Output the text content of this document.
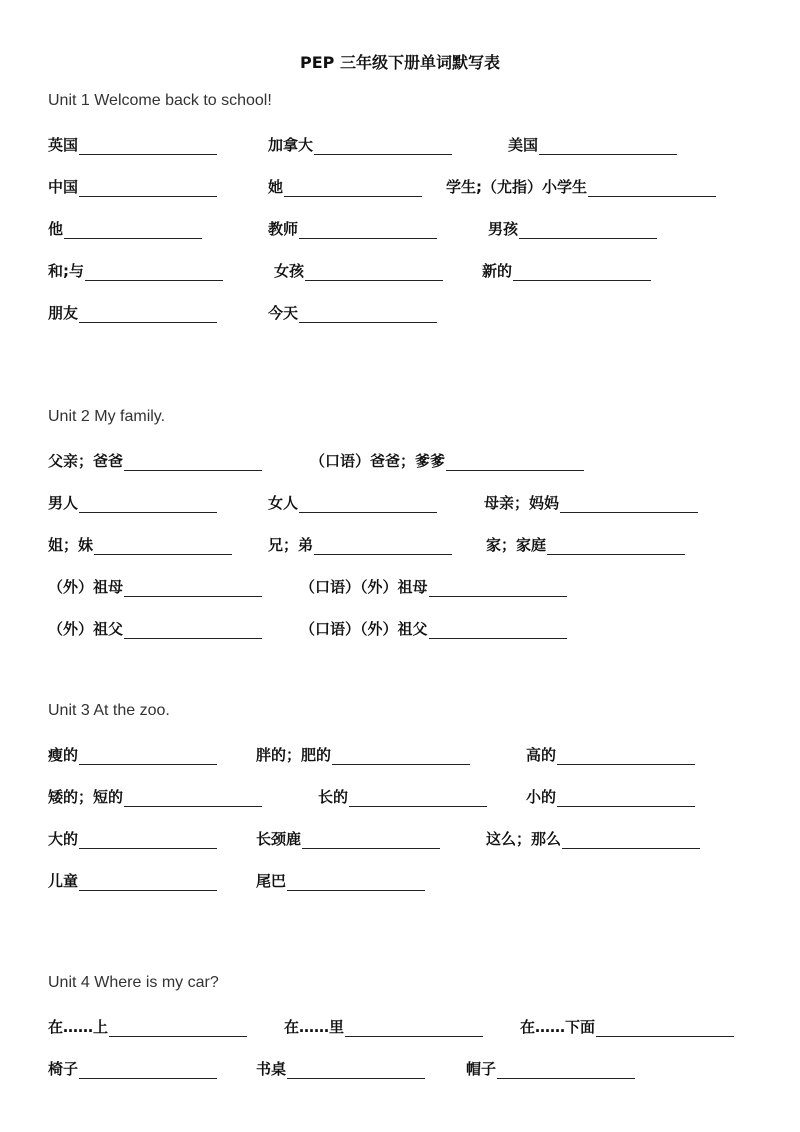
PEP 三年级下册单词默写表
Unit 1 Welcome back to school!
英国	加拿大	美国
中国	她	学生;（尤指）小学生
他	教师	男孩
和;与	女孩	新的
朋友	今天
Unit 2 My family.
父亲；爸爸	（口语）爸爸；爹爹
男人	女人	母亲；妈妈
姐；妹	兄；弟	家；家庭
（外）祖母	（口语）（外）祖母
（外）祖父	（口语）（外）祖父
Unit 3 At the zoo.
瘦的	胖的；肥的	高的
矮的；短的	长的	小的
大的	长颈鹿	这么；那么
儿童	尾巴
Unit 4 Where is my car?
在……上	在……里	在……下面
椅子	书桌	帽子
